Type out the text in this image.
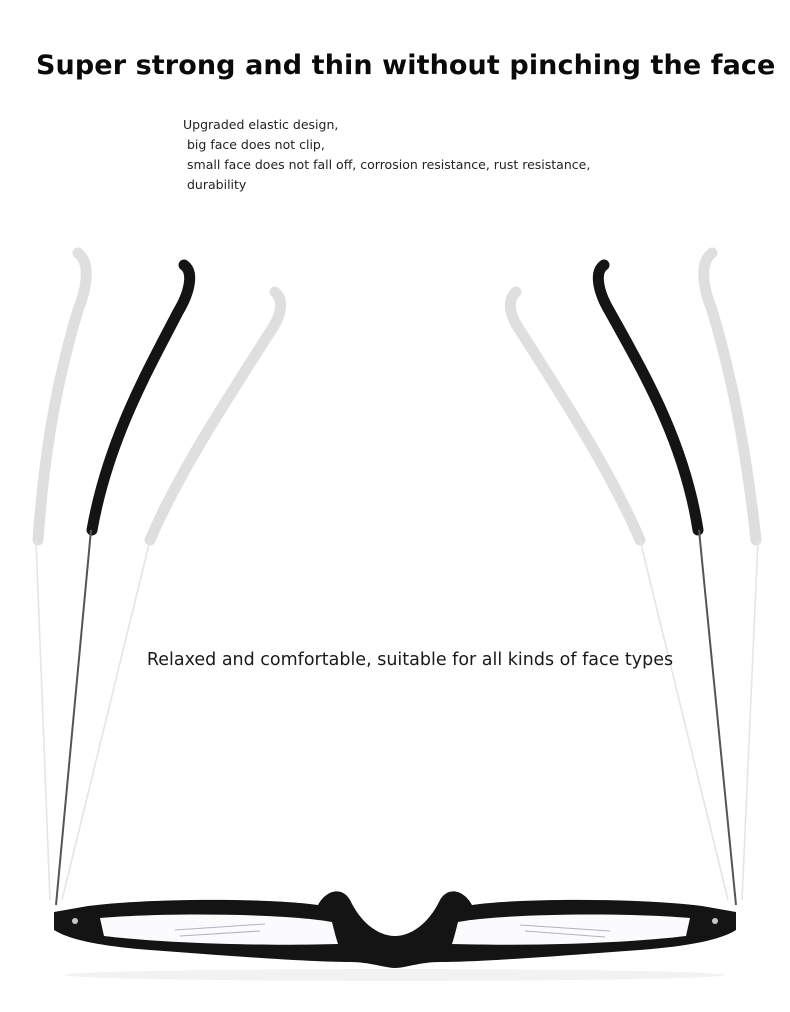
Super strong and thin without pinching the face
Upgraded elastic design,
big face does not clip,
small face does not fall off, corrosion resistance, rust resistance,
durability

Relaxed and comfortable, suitable for all kinds of face types
